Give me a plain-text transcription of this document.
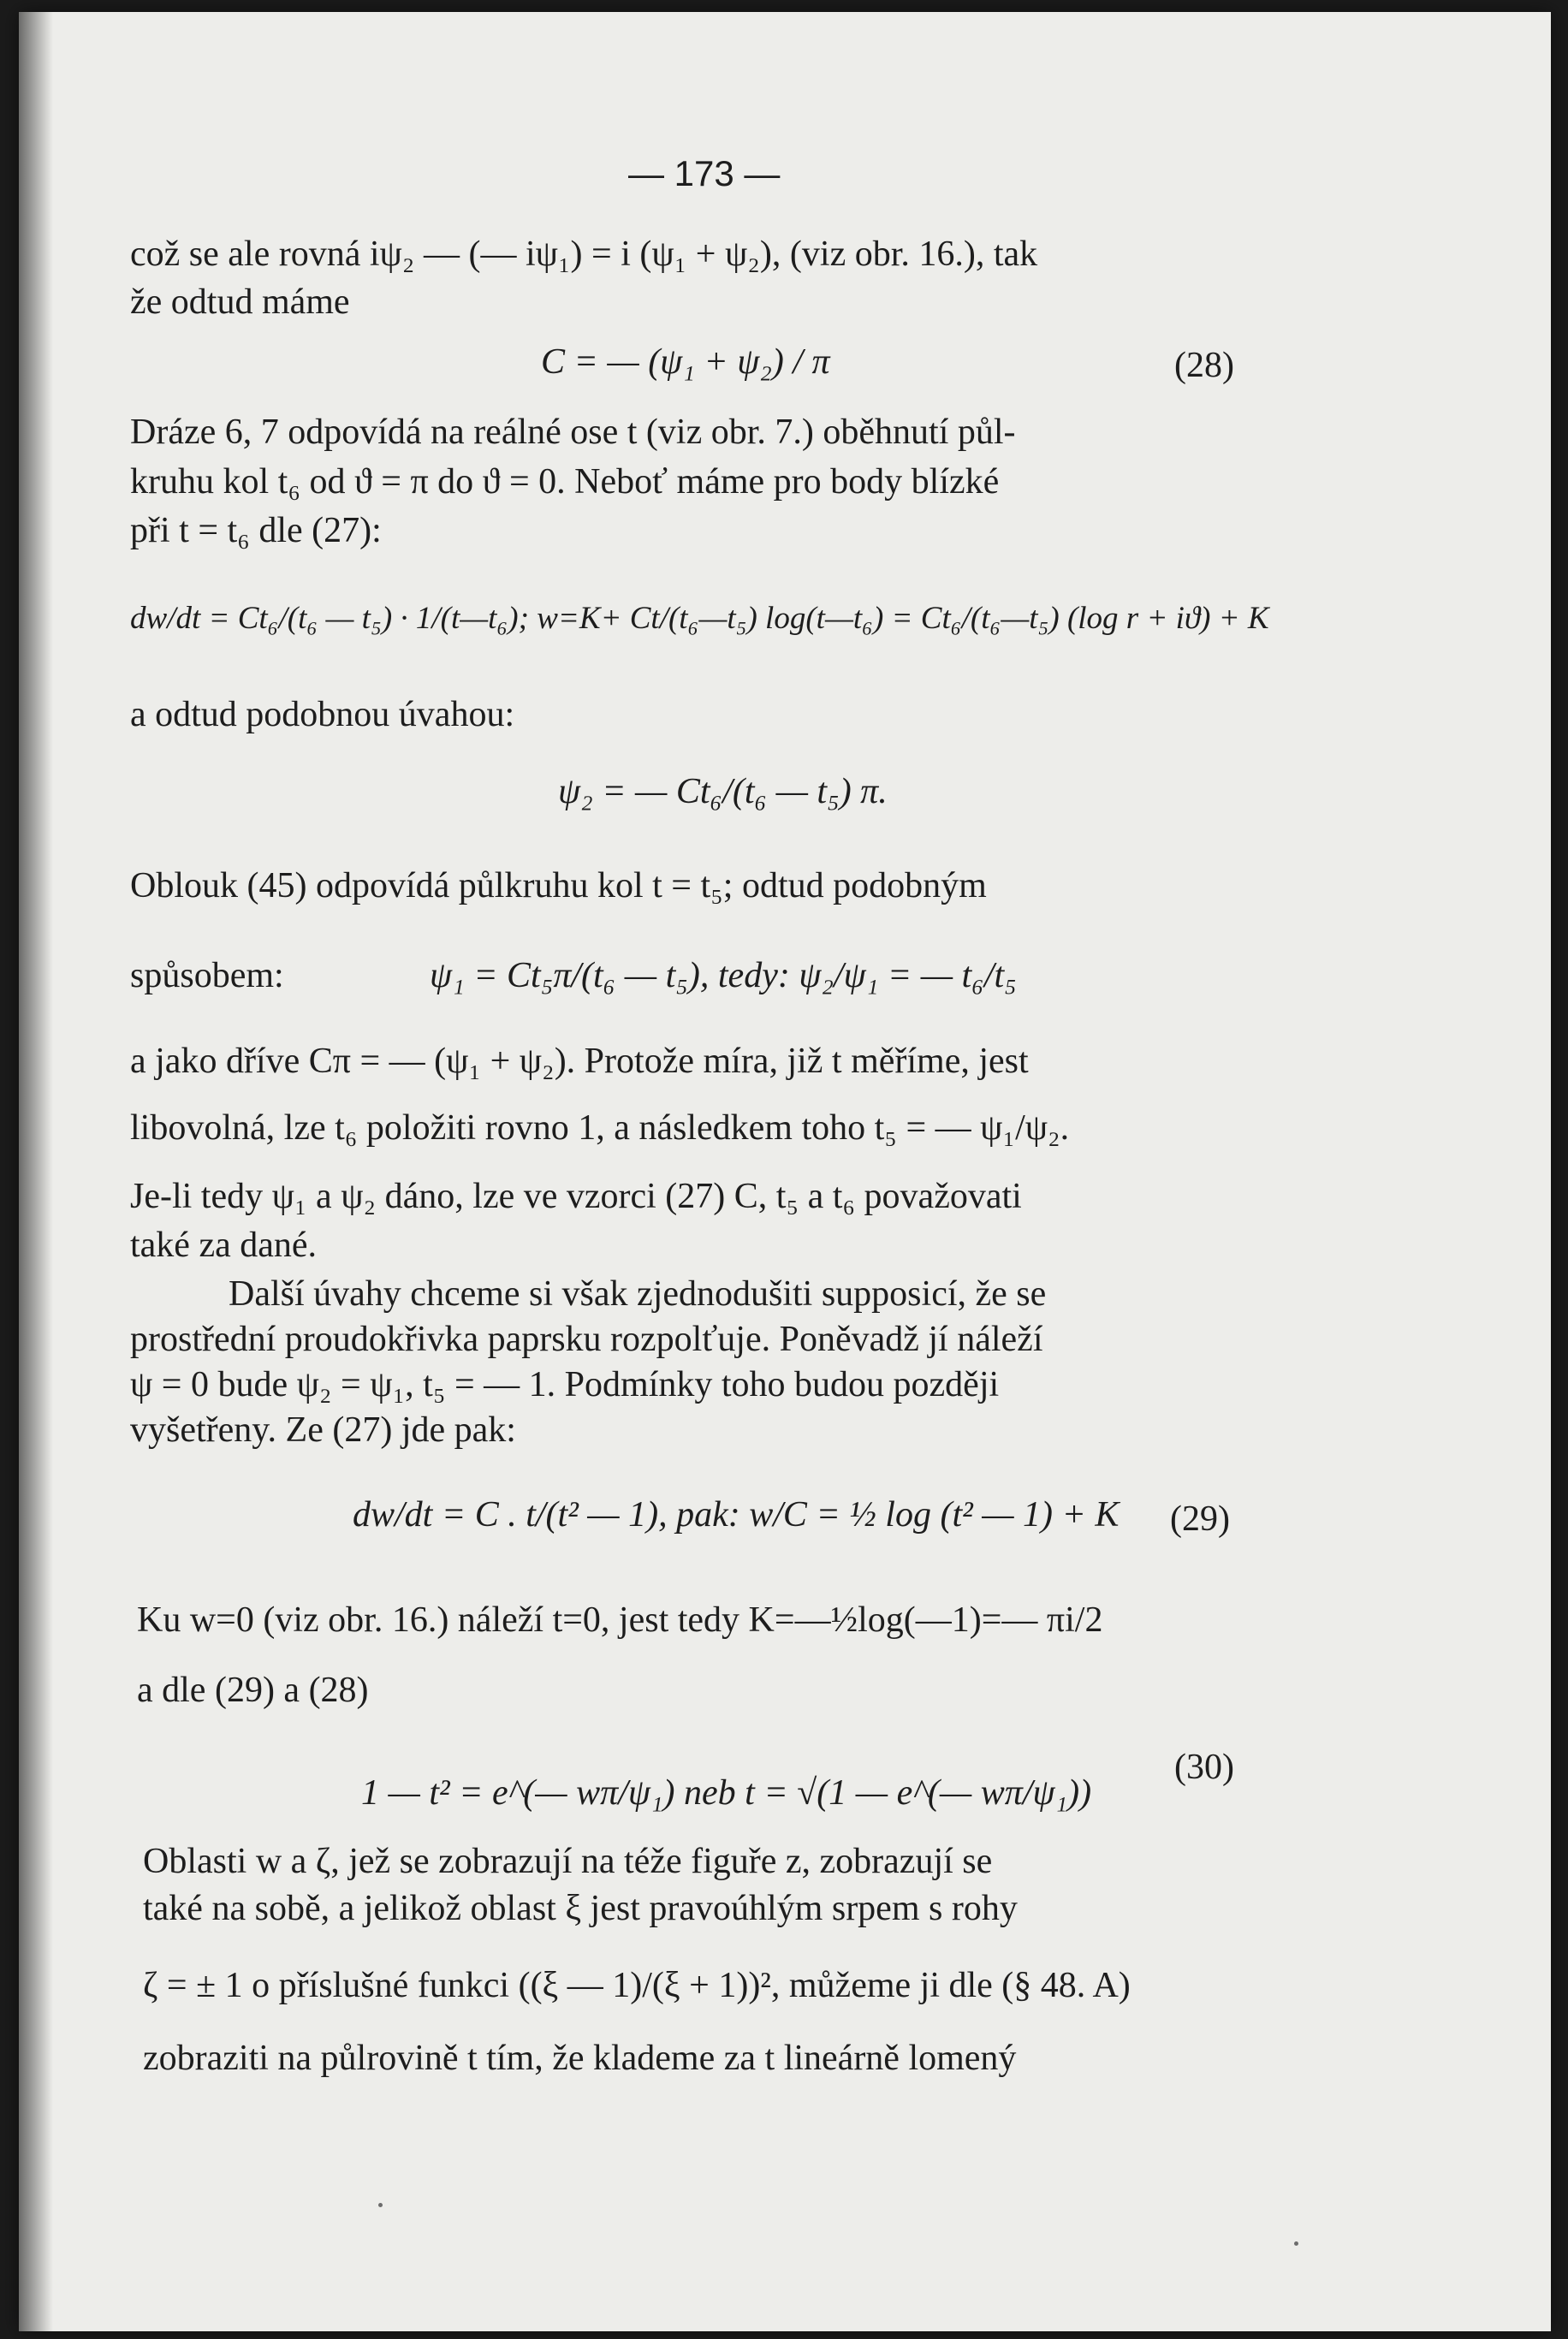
— 173 —
což se ale rovná iψ₂ — (— iψ₁) = i (ψ₁ + ψ₂), (viz obr. 16.), tak
že odtud máme
C = — (ψ₁ + ψ₂) / π	(28)
Dráze 6, 7 odpovídá na reálné ose t (viz obr. 7.) oběhnutí půl-
kruhu kol t₆ od ϑ = π do ϑ = 0. Neboť máme pro body blízké
při t = t₆ dle (27):
dw/dt = Ct₆/(t₆ — t₅) · 1/(t—t₆); w=K+ Ct/(t₆—t₅) log(t—t₆) = Ct₆/(t₆—t₅) (log r + iϑ) + K
a odtud podobnou úvahou:
ψ₂ = — Ct₆/(t₆ — t₅) π.
Oblouk (45) odpovídá půlkruhu kol t = t₅; odtud podobným
spůsobem:	ψ₁ = Ct₅π/(t₆ — t₅), tedy: ψ₂/ψ₁ = — t₆/t₅
a jako dříve Cπ = — (ψ₁ + ψ₂). Protože míra, již t měříme, jest
libovolná, lze t₆ položiti rovno 1, a následkem toho t₅ = — ψ₁/ψ₂.
Je-li tedy ψ₁ a ψ₂ dáno, lze ve vzorci (27) C, t₅ a t₆ považovati
také za dané.
Další úvahy chceme si však zjednodušiti supposicí, že se
prostřední proudokřivka paprsku rozpolťuje. Poněvadž jí náleží
ψ = 0 bude ψ₂ = ψ₁, t₅ = — 1. Podmínky toho budou později
vyšetřeny. Ze (27) jde pak:
dw/dt = C . t/(t² — 1), pak: w/C = ½ log (t² — 1) + K (29)
Ku w=0 (viz obr. 16.) náleží t=0, jest tedy K=—½log(—1)=— πi/2
a dle (29) a (28)
1 — t² = e^(— wπ/ψ₁) neb t = √(1 — e^(— wπ/ψ₁))
(30)
Oblasti w a ζ, jež se zobrazují na téže figuře z, zobrazují se
také na sobě, a jelikož oblast ξ jest pravoúhlým srpem s rohy
ζ = ± 1 o příslušné funkci ((ξ — 1)/(ξ + 1))², můžeme ji dle (§ 48. A)
zobraziti na půlrovině t tím, že klademe za t lineárně lomený
